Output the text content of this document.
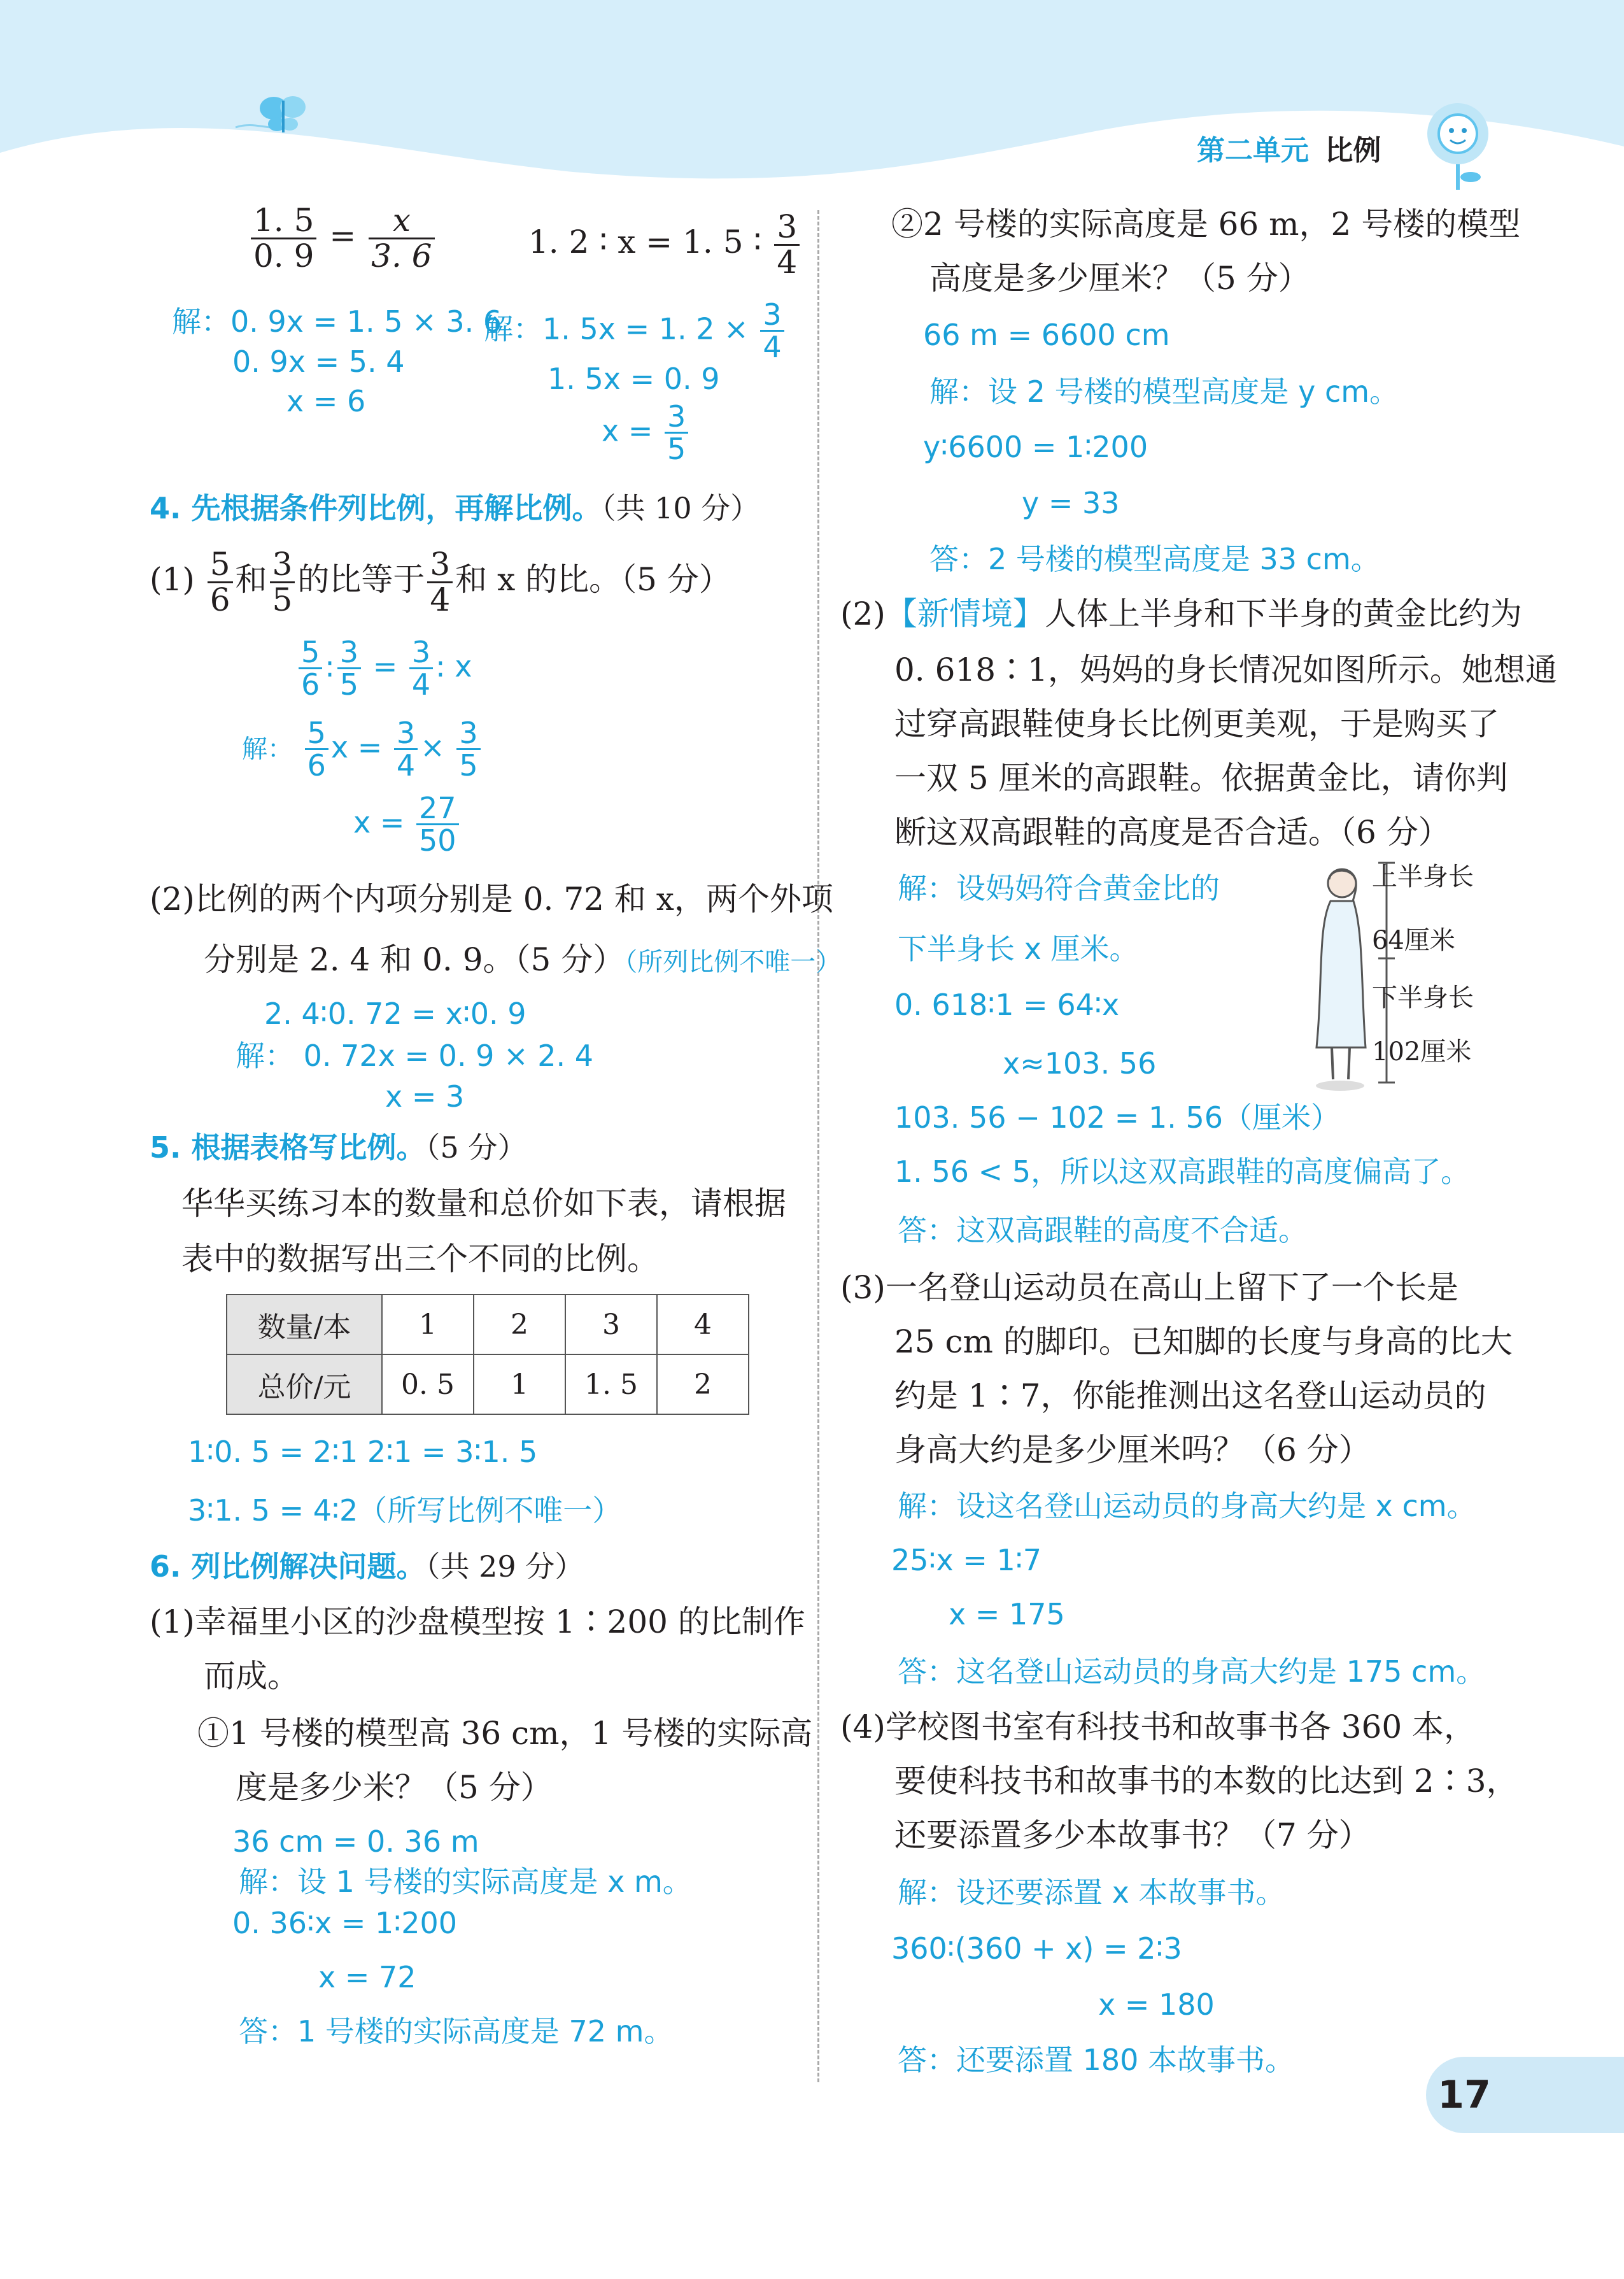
第二单元 比例
$\frac{1. 5}{0. 9} = \frac{x}{3. 6}$	1. 2 ∶ x = 1. 5 ∶ $\frac{3}{4}$
解：0. 9x = 1. 5 × 3. 6
0. 9x = 5. 4
x = 6
解：1. 5x = 1. $2 \times \frac{3}{4}$
1. 5x = 0. 9
$x = \frac{3}{5}$
4. 先根据条件列比例，再解比例。（共 10 分）
$(1) \frac{5}{6}$ 和 $\frac{3}{5}$ 的比等于 $\frac{3}{4}$ 和 x 的比。（5 分）
$\frac{5}{6}$ : $\frac{3}{5} = \frac{3}{4}$ : x
解： $\frac{5}{6}$ $x = \frac{3}{4} \times \frac{3}{5}$
$x = \frac{27}{50}$
(2)比例的两个内项分别是 0. 72 和 x，两个外项
分别是 2. 4 和 0. 9。（5 分）（所列比例不唯一）
2. 4∶0. 72 = x∶0. 9
解： 0. 72x = 0. 9 × 2. 4
x = 3
5. 根据表格写比例。（5 分）
华华买练习本的数量和总价如下表，请根据
表中的数据写出三个不同的比例。
数量/本	1	2	3	4
总价/元	0. 5	1	1. 5	2
1∶0. 5 = 2∶1 2∶1 = 3∶1. 5
3∶1. 5 = 4∶2（所写比例不唯一）
6. 列比例解决问题。（共 29 分）
(1)幸福里小区的沙盘模型按 1∶200 的比制作
而成。
①1 号楼的模型高 36 cm，1 号楼的实际高
度是多少米？（5 分）
36 cm = 0. 36 m
解：设 1 号楼的实际高度是 x m。
0. 36∶x = 1∶200
x = 72
答：1 号楼的实际高度是 72 m。
②2 号楼的实际高度是 66 m，2 号楼的模型
高度是多少厘米？（5 分）
66 m = 6600 cm
解：设 2 号楼的模型高度是 y cm。
y∶6600 = 1∶200
y = 33
答：2 号楼的模型高度是 33 cm。
(2)【新情境】人体上半身和下半身的黄金比约为
0. 618∶1，妈妈的身长情况如图所示。她想通
过穿高跟鞋使身长比例更美观，于是购买了
一双 5 厘米的高跟鞋。依据黄金比，请你判
断这双高跟鞋的高度是否合适。（6 分）
解：设妈妈符合黄金比的
下半身长 x 厘米。
0. 618∶1 = 64∶x
x≈103. 56
103. 56 − 102 = 1. 56（厘米）
1. 56 < 5，所以这双高跟鞋的高度偏高了。
答：这双高跟鞋的高度不合适。
上半身长
64厘米
下半身长
102厘米
(3)一名登山运动员在高山上留下了一个长是
25 cm 的脚印。已知脚的长度与身高的比大
约是 1∶7，你能推测出这名登山运动员的
身高大约是多少厘米吗？（6 分）
解：设这名登山运动员的身高大约是 x cm。
25∶x = 1∶7
x = 175
答：这名登山运动员的身高大约是 175 cm。
(4)学校图书室有科技书和故事书各 360 本，
要使科技书和故事书的本数的比达到 2∶3，
还要添置多少本故事书？（7 分）
解：设还要添置 x 本故事书。
360∶(360 + x) = 2∶3
x = 180
答：还要添置 180 本故事书。
17
